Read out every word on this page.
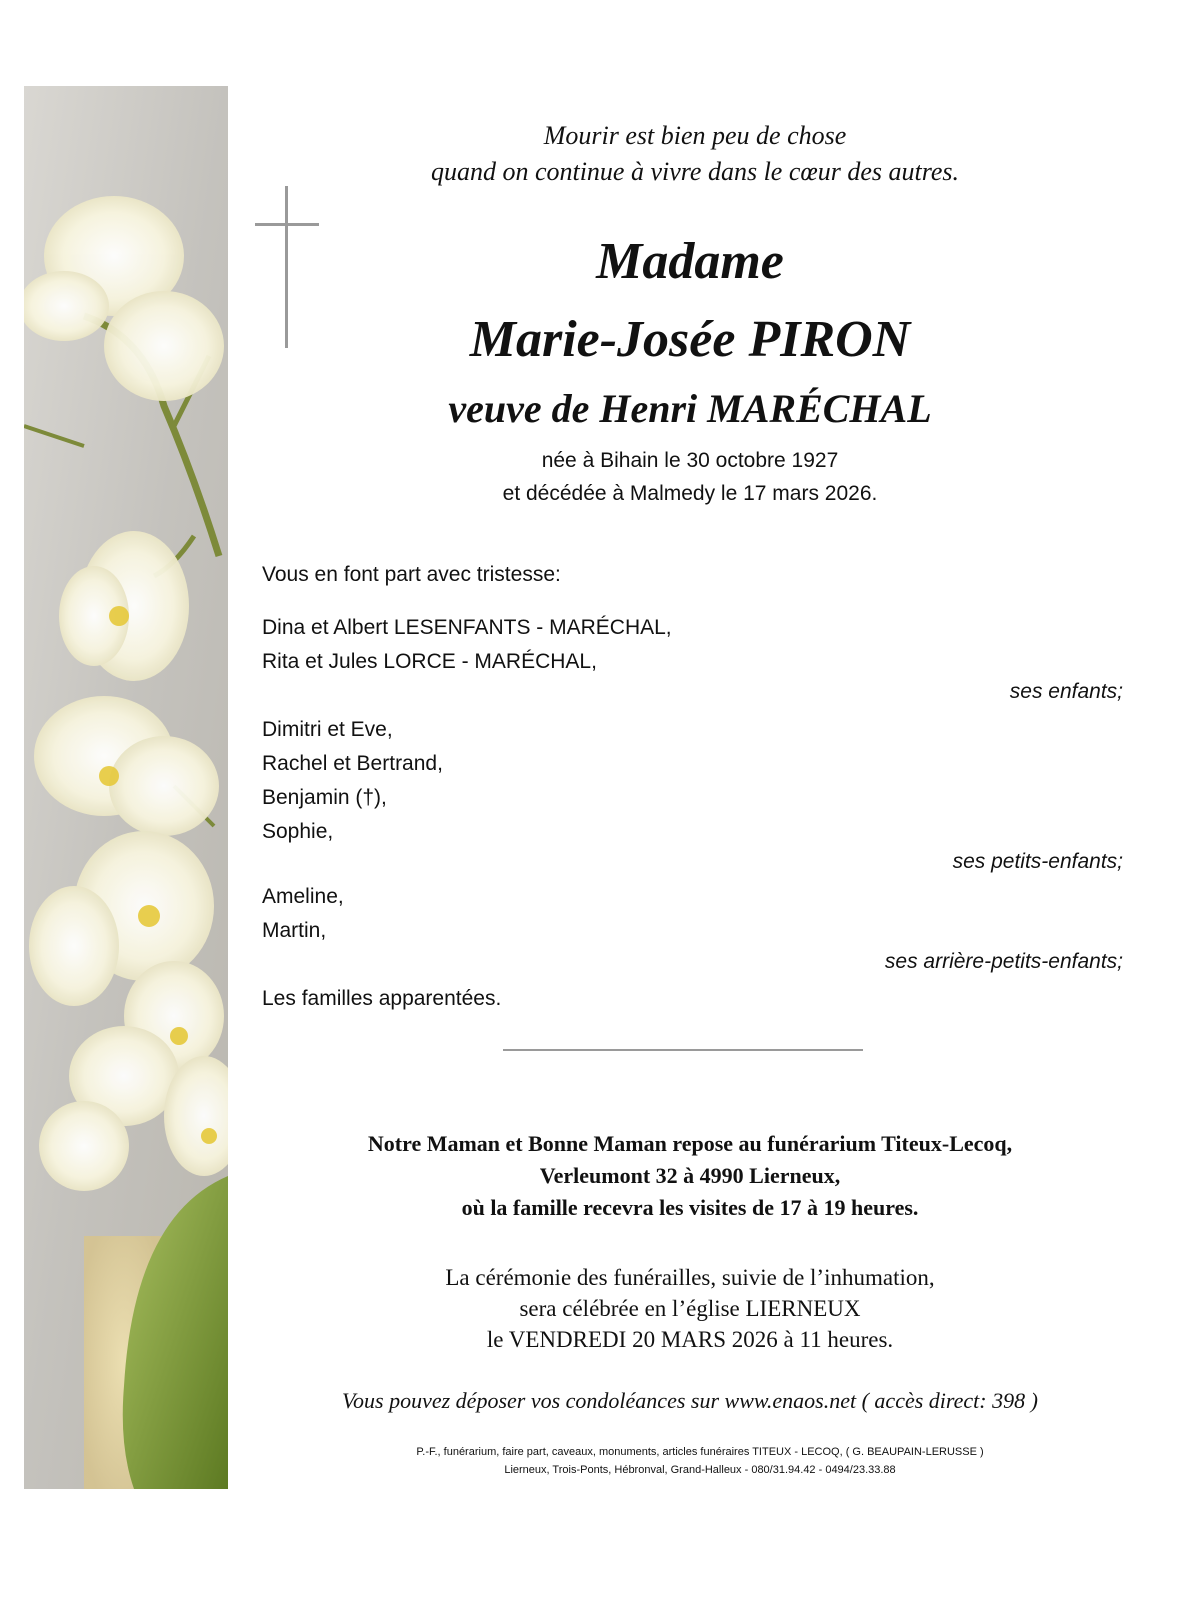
Mourir est bien peu de chose
quand on continue à vivre dans le cœur des autres.
Madame
Marie-Josée PIRON
veuve de Henri MARÉCHAL
née à Bihain le 30 octobre 1927
et décédée à Malmedy le 17 mars 2026.
Vous en font part avec tristesse:
Dina et Albert LESENFANTS - MARÉCHAL,
Rita et Jules LORCE - MARÉCHAL,
ses enfants;
Dimitri et Eve,
Rachel et Bertrand,
Benjamin (†),
Sophie,
ses petits-enfants;
Ameline,
Martin,
ses arrière-petits-enfants;
Les familles apparentées.
Notre Maman et Bonne Maman repose au funérarium Titeux-Lecoq,
Verleumont 32 à 4990 Lierneux,
où la famille recevra les visites de 17 à 19 heures.
La cérémonie des funérailles, suivie de l’inhumation,
sera célébrée en l’église LIERNEUX
le VENDREDI 20 MARS 2026 à 11 heures.
Vous pouvez déposer vos condoléances sur www.enaos.net ( accès direct: 398 )
P.-F., funérarium, faire part, caveaux, monuments, articles funéraires TITEUX - LECOQ, ( G. BEAUPAIN-LERUSSE )
Lierneux, Trois-Ponts, Hébronval, Grand-Halleux - 080/31.94.42 - 0494/23.33.88
